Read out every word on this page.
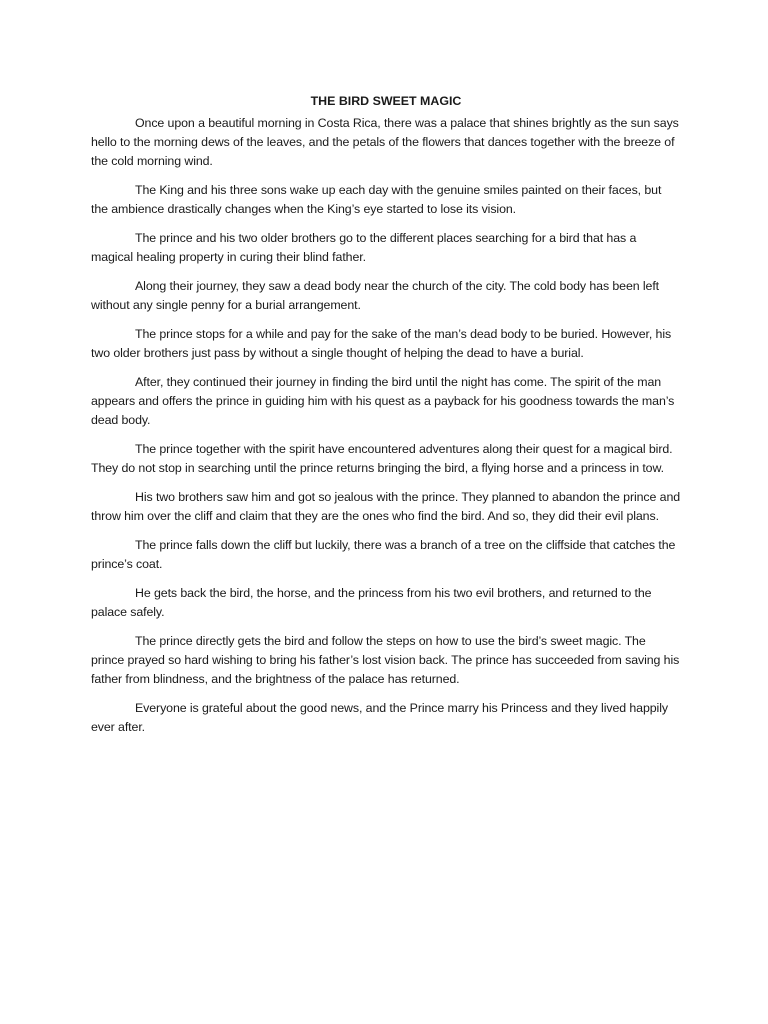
THE BIRD SWEET MAGIC

Once upon a beautiful morning in Costa Rica, there was a palace that shines brightly as the sun says hello to the morning dews of the leaves, and the petals of the flowers that dances together with the breeze of the cold morning wind.

The King and his three sons wake up each day with the genuine smiles painted on their faces, but the ambience drastically changes when the King’s eye started to lose its vision.

The prince and his two older brothers go to the different places searching for a bird that has a magical healing property in curing their blind father.

Along their journey, they saw a dead body near the church of the city. The cold body has been left without any single penny for a burial arrangement.

The prince stops for a while and pay for the sake of the man’s dead body to be buried. However, his two older brothers just pass by without a single thought of helping the dead to have a burial.

After, they continued their journey in finding the bird until the night has come. The spirit of the man appears and offers the prince in guiding him with his quest as a payback for his goodness towards the man’s dead body.

The prince together with the spirit have encountered adventures along their quest for a magical bird. They do not stop in searching until the prince returns bringing the bird, a flying horse and a princess in tow.

His two brothers saw him and got so jealous with the prince. They planned to abandon the prince and throw him over the cliff and claim that they are the ones who find the bird. And so, they did their evil plans.

The prince falls down the cliff but luckily, there was a branch of a tree on the cliffside that catches the prince’s coat.

He gets back the bird, the horse, and the princess from his two evil brothers, and returned to the palace safely.

The prince directly gets the bird and follow the steps on how to use the bird’s sweet magic. The prince prayed so hard wishing to bring his father’s lost vision back. The prince has succeeded from saving his father from blindness, and the brightness of the palace has returned.

Everyone is grateful about the good news, and the Prince marry his Princess and they lived happily ever after.
